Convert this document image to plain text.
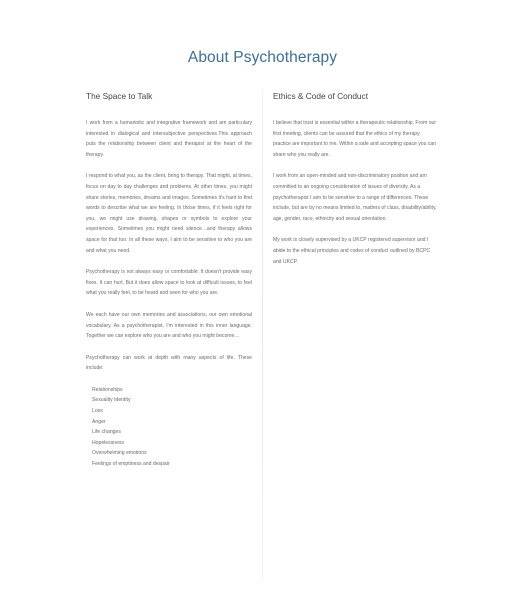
About Psychotherapy
The Space to Talk

I work from a humanistic and integrative framework and am particulary interested in dialogical and intersubjective perspectives.This approach puts the relationship between client and therapist at the heart of the therapy.

I respond to what you, as the client, bring to therapy. That might, at times, focus on day to day challenges and problems. At other times, you might share stories, memories, dreams and images. Sometimes it's hard to find words to describe what we are feeling. In those times, if it feels right for you, we might use drawing, shapes or symbols to explore your experiences. Sometimes you might need silence…and therapy allows space for that too. In all these ways, I aim to be sensitive to who you are and what you need.

Psychotherapy is not always easy or comfortable. It doesn't provide easy fixes. It can hurt. But it does allow space to look at difficult issues, to feel what you really feel, to be heard and seen for who you are.

We each have our own memories and associations, our own emotional vocabulary. As a psychotherapist, I'm interested in this inner language. Together we can explore who you are and who you might become…

Psychotherapy can work at depth with many aspects of life. These include:

Relationships
Sexuality Identity
Loss
Anger
Life changes
Hopelessness
Overwhelming emotions
Feelings of emptiness and despair
Ethics & Code of Conduct

I believe that trust is essential within a therapeutic relationship. From our first meeting, clients can be assured that the ethics of my therapy practice are important to me. Within a safe and accepting space you can share who you really are.

I work from an open-minded and non-discriminatory position and am committed to an ongoing consideration of issues of diversity. As a psychotherapist I aim to be sensitive to a range of differences. These include, but are by no means limited to, matters of class, disability/ability, age, gender, race, ethnicity and sexual orientation.

My work is closely supervised by a UKCP registered supervisor and I abide to the ethical principles and codes of conduct outlined by BCPC and UKCP.
